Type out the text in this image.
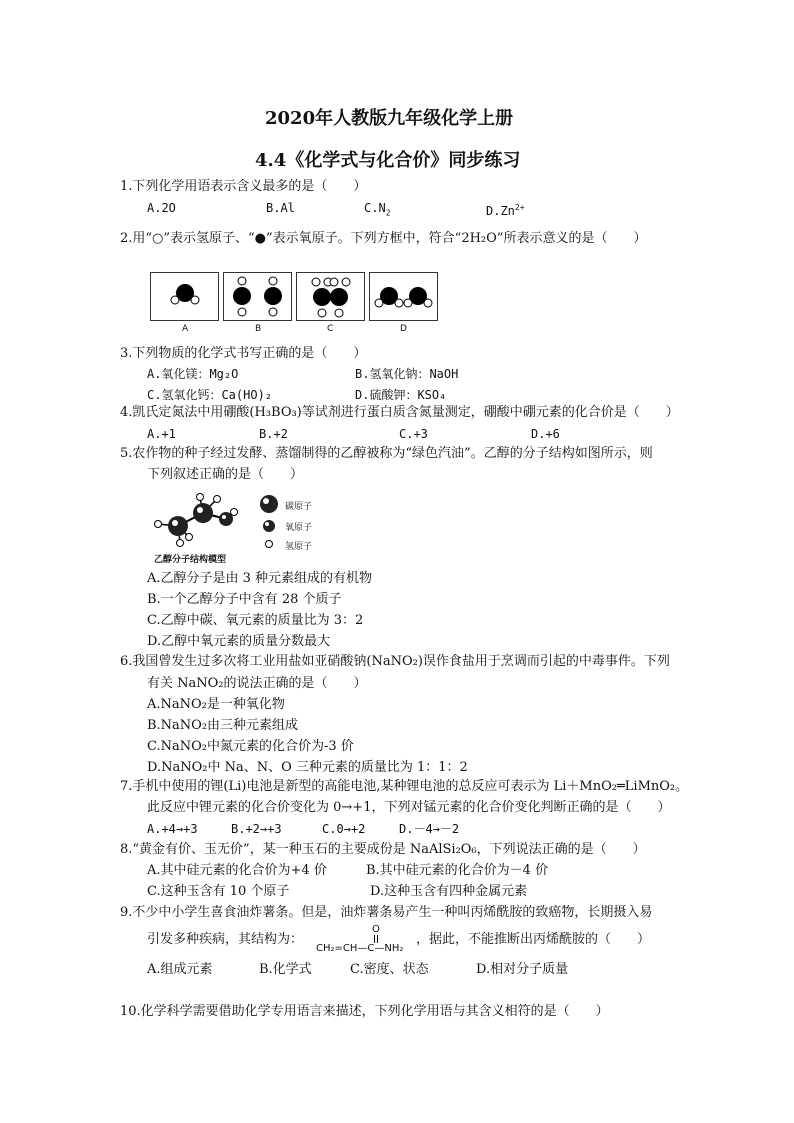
2020年人教版九年级化学上册
4.4《化学式与化合价》同步练习
1.下列化学用语表示含义最多的是（　　）
A.2O	B.Al	$C.N_2$	$D.Zn^{2+}$
2.用“○”表示氢原子、“●”表示氧原子。下列方框中，符合“2H₂O”所表示意义的是（　　）
A	B	C	D
3.下列物质的化学式书写正确的是（　　）
A.氧化镁：Mg₂O	B.氢氧化钠：NaOH
C.氢氧化钙：Ca(HO)₂	D.硫酸钾：KSO₄
4.凯氏定氮法中用硼酸(H₃BO₃)等试剂进行蛋白质含氮量测定，硼酸中硼元素的化合价是（　　）
A.+1	B.+2	C.+3	D.+6
5.农作物的种子经过发酵、蒸馏制得的乙醇被称为“绿色汽油”。乙醇的分子结构如图所示，则
下列叙述正确的是（　　）
碳原子
氧原子
氢原子
乙醇分子结构模型
A.乙醇分子是由 3 种元素组成的有机物
B.一个乙醇分子中含有 28 个质子
C.乙醇中碳、氧元素的质量比为 3：2
D.乙醇中氧元素的质量分数最大
6.我国曾发生过多次将工业用盐如亚硝酸钠(NaNO₂)误作食盐用于烹调而引起的中毒事件。下列
有关 NaNO₂的说法正确的是（　　）
A.NaNO₂是一种氧化物
B.NaNO₂由三种元素组成
C.NaNO₂中氮元素的化合价为-3 价
D.NaNO₂中 Na、N、O 三种元素的质量比为 1：1：2
7.手机中使用的锂(Li)电池是新型的高能电池,某种锂电池的总反应可表示为 Li＋MnO₂═LiMnO₂。
此反应中锂元素的化合价变化为 0→+1，下列对锰元素的化合价变化判断正确的是（　　）
A.+4→+3	B.+2→+3	C.0→+2	D.－4→－2
8.“黄金有价、玉无价”，某一种玉石的主要成份是 NaAlSi₂O₆，下列说法正确的是（　　）
A.其中硅元素的化合价为+4 价	B.其中硅元素的化合价为－4 价
C.这种玉含有 10 个原子	D.这种玉含有四种金属元素
9.不少中小学生喜食油炸薯条。但是，油炸薯条易产生一种叫丙烯酰胺的致癌物，长期摄入易
引发多种疾病，其结构为：
O
CH₂=CH—C—NH₂
，据此，不能推断出丙烯酰胺的（　　）
A.组成元素	B.化学式	C.密度、状态	D.相对分子质量
10.化学科学需要借助化学专用语言来描述，下列化学用语与其含义相符的是（　　）
